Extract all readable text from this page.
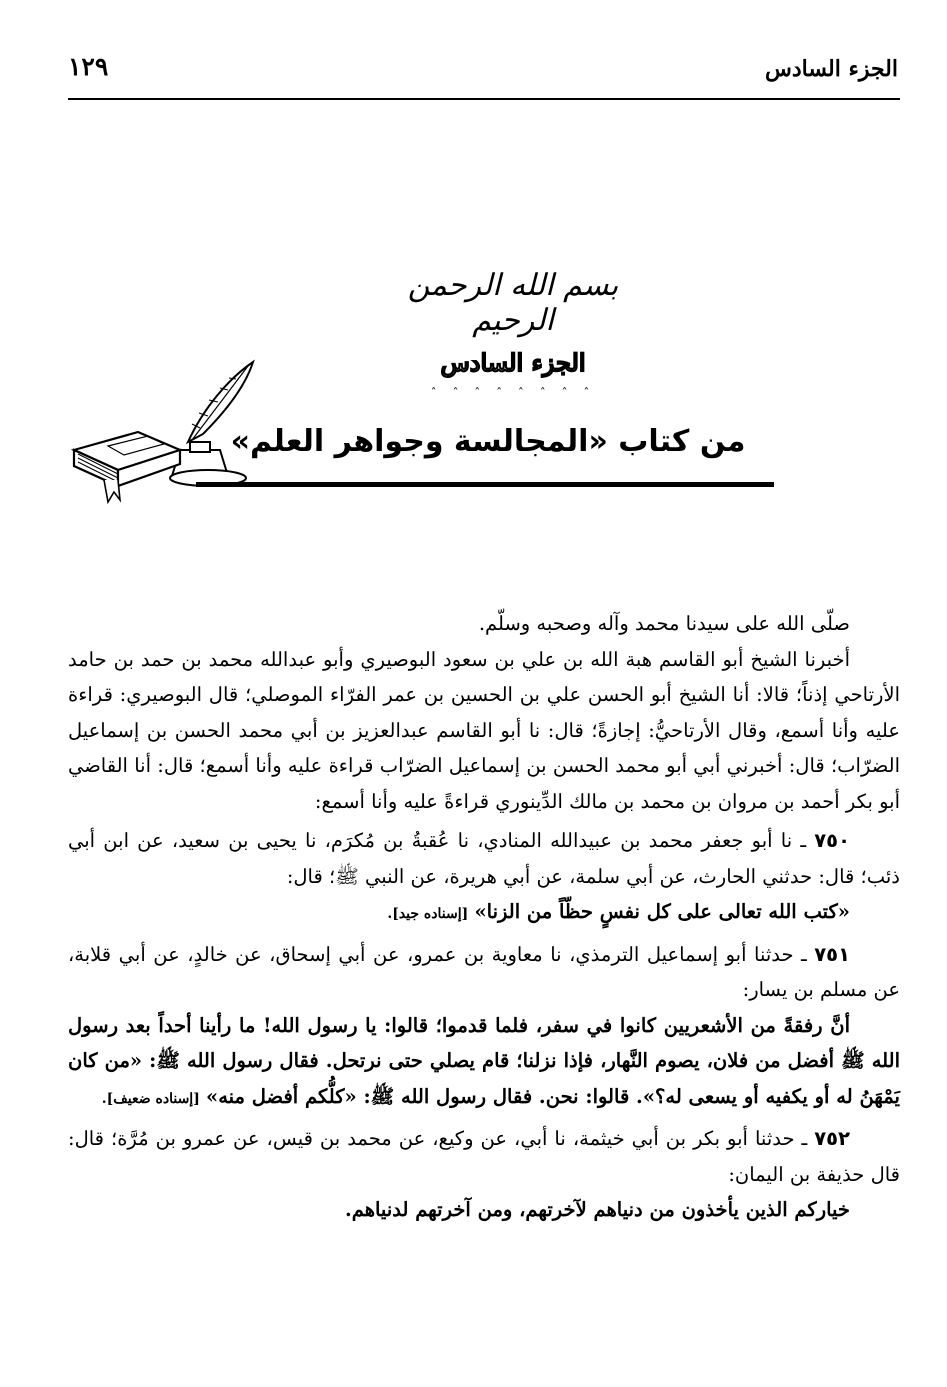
الجزء السادس
١٢٩
بسم الله الرحمن الرحيم
الجزء السادس
ˆ ˆ ˆ ˆ ˆ ˆ ˆ ˆ
من كتاب «المجالسة وجواهر العلم»

صلّى الله على سيدنا محمد وآله وصحبه وسلّم.

أخبرنا الشيخ أبو القاسم هبة الله بن علي بن سعود البوصيري وأبو عبدالله محمد بن حمد بن حامد الأرتاحي إذناً؛ قالا: أنا الشيخ أبو الحسن علي بن الحسين بن عمر الفرّاء الموصلي؛ قال البوصيري: قراءة عليه وأنا أسمع، وقال الأرتاحيُّ: إجازةً؛ قال: نا أبو القاسم عبدالعزيز بن أبي محمد الحسن بن إسماعيل الضرّاب؛ قال: أخبرني أبي أبو محمد الحسن بن إسماعيل الضرّاب قراءة عليه وأنا أسمع؛ قال: أنا القاضي أبو بكر أحمد بن مروان بن محمد بن مالك الدِّينوري قراءةً عليه وأنا أسمع:

٧٥٠ ـ نا أبو جعفر محمد بن عبيدالله المنادي، نا عُقبةُ بن مُكرَم، نا يحيى بن سعيد، عن ابن أبي ذئب؛ قال: حدثني الحارث، عن أبي سلمة، عن أبي هريرة، عن النبي ﷺ؛ قال:

«كتب الله تعالى على كل نفسٍ حظّاً من الزنا» [إسناده جيد].

٧٥١ ـ حدثنا أبو إسماعيل الترمذي، نا معاوية بن عمرو، عن أبي إسحاق، عن خالدٍ، عن أبي قلابة، عن مسلم بن يسار:

أنَّ رفقةً من الأشعريين كانوا في سفر، فلما قدموا؛ قالوا: يا رسول الله! ما رأينا أحداً بعد رسول الله ﷺ أفضل من فلان، يصوم النَّهار، فإذا نزلنا؛ قام يصلي حتى نرتحل. فقال رسول الله ﷺ: «من كان يَمْهَنُ له أو يكفيه أو يسعى له؟». قالوا: نحن. فقال رسول الله ﷺ: «كلُّكم أفضل منه» [إسناده ضعيف].

٧٥٢ ـ حدثنا أبو بكر بن أبي خيثمة، نا أبي، عن وكيع، عن محمد بن قيس، عن عمرو بن مُرَّة؛ قال: قال حذيفة بن اليمان:

خياركم الذين يأخذون من دنياهم لآخرتهم، ومن آخرتهم لدنياهم.
